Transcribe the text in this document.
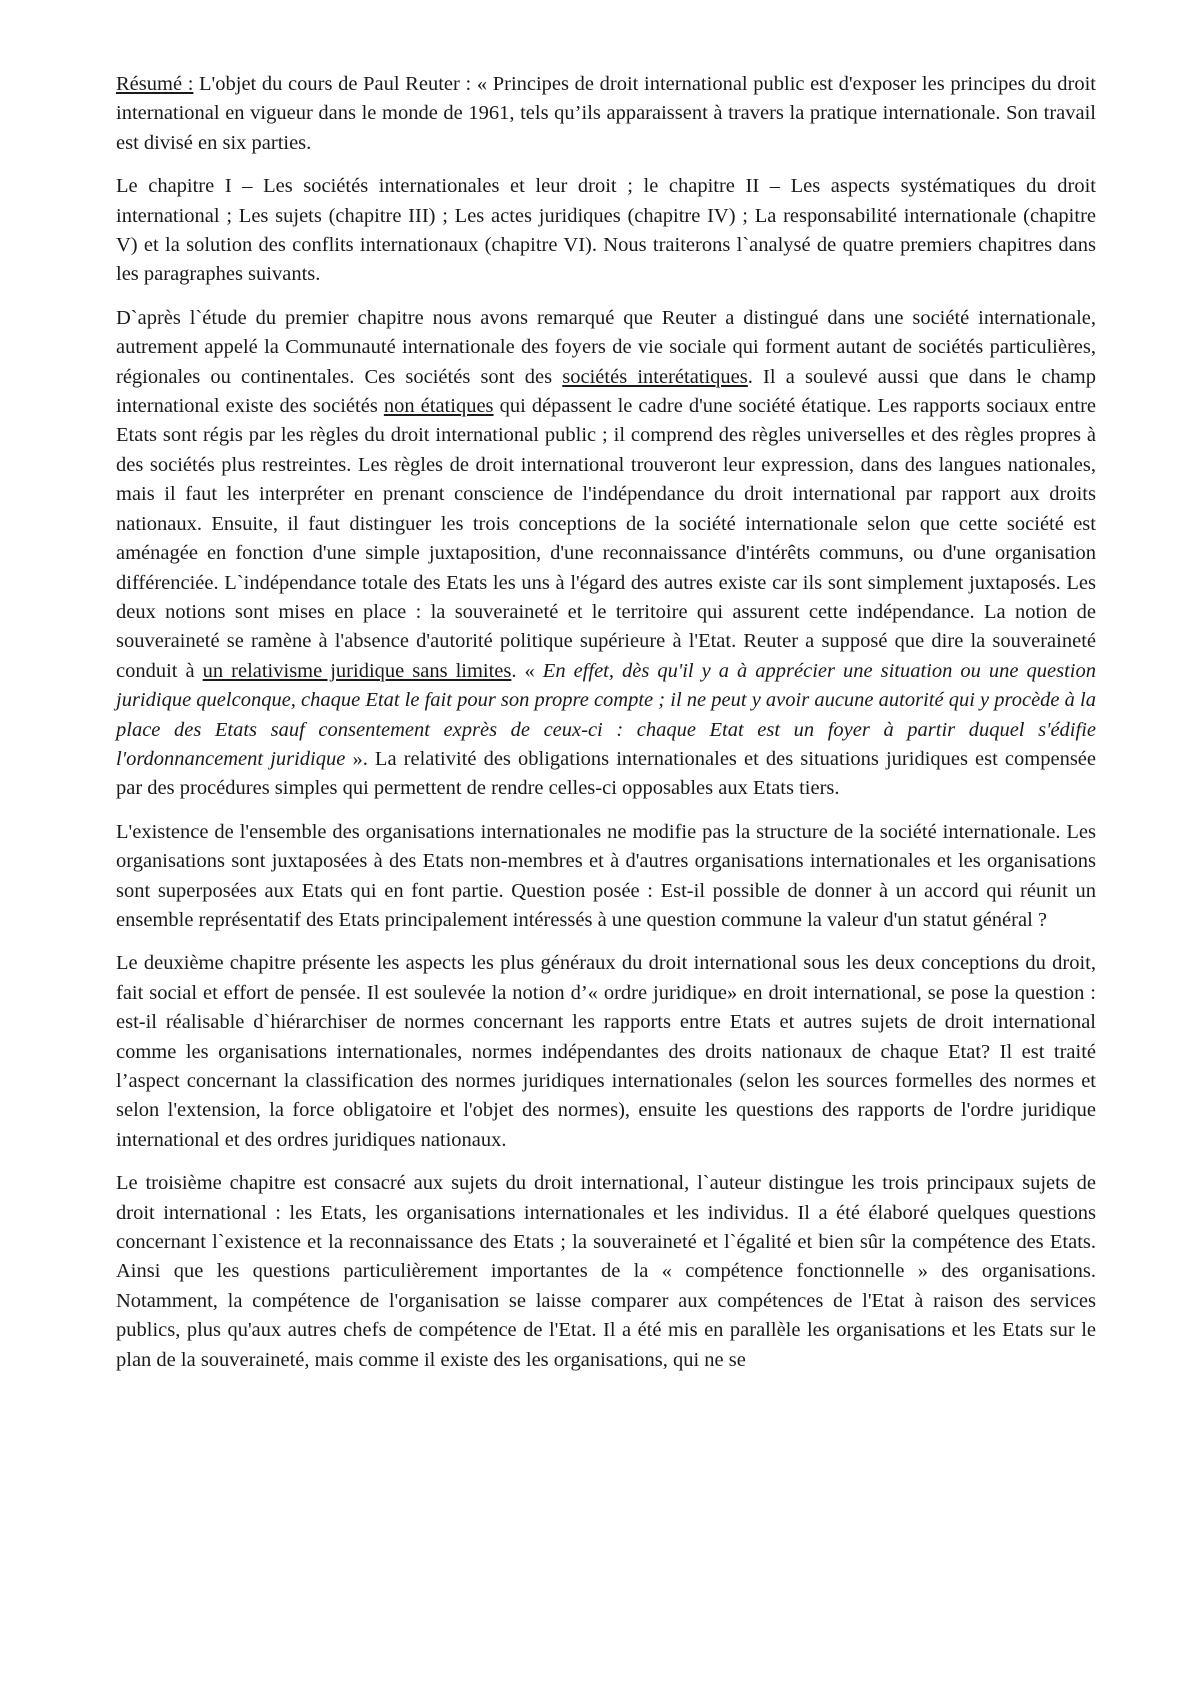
Résumé : L'objet du cours de Paul Reuter : « Principes de droit international public est d'exposer les principes du droit international en vigueur dans le monde de 1961, tels qu’ils apparaissent à travers la pratique internationale. Son travail est divisé en six parties.

Le chapitre I – Les sociétés internationales et leur droit ; le chapitre II – Les aspects systématiques du droit international ; Les sujets (chapitre III) ; Les actes juridiques (chapitre IV) ; La responsabilité internationale (chapitre V) et la solution des conflits internationaux (chapitre VI). Nous traiterons l`analysé de quatre premiers chapitres dans les paragraphes suivants.

D`après l`étude du premier chapitre nous avons remarqué que Reuter a distingué dans une société internationale, autrement appelé la Communauté internationale des foyers de vie sociale qui forment autant de sociétés particulières, régionales ou continentales. Ces sociétés sont des sociétés interétatiques. Il a soulevé aussi que dans le champ international existe des sociétés non étatiques qui dépassent le cadre d'une société étatique. Les rapports sociaux entre Etats sont régis par les règles du droit international public ; il comprend des règles universelles et des règles propres à des sociétés plus restreintes. Les règles de droit international trouveront leur expression, dans des langues nationales, mais il faut les interpréter en prenant conscience de l'indépendance du droit international par rapport aux droits nationaux. Ensuite, il faut distinguer les trois conceptions de la société internationale selon que cette société est aménagée en fonction d'une simple juxtaposition, d'une reconnaissance d'intérêts communs, ou d'une organisation différenciée. L`indépendance totale des Etats les uns à l'égard des autres existe car ils sont simplement juxtaposés. Les deux notions sont mises en place : la souveraineté et le territoire qui assurent cette indépendance. La notion de souveraineté se ramène à l'absence d'autorité politique supérieure à l'Etat. Reuter a supposé que dire la souveraineté conduit à un relativisme juridique sans limites. « En effet, dès qu'il y a à apprécier une situation ou une question juridique quelconque, chaque Etat le fait pour son propre compte ; il ne peut y avoir aucune autorité qui y procède à la place des Etats sauf consentement exprès de ceux-ci : chaque Etat est un foyer à partir duquel s'édifie l'ordonnancement juridique ». La relativité des obligations internationales et des situations juridiques est compensée par des procédures simples qui permettent de rendre celles-ci opposables aux Etats tiers.

L'existence de l'ensemble des organisations internationales ne modifie pas la structure de la société internationale. Les organisations sont juxtaposées à des Etats non-membres et à d'autres organisations internationales et les organisations sont superposées aux Etats qui en font partie. Question posée : Est-il possible de donner à un accord qui réunit un ensemble représentatif des Etats principalement intéressés à une question commune la valeur d'un statut général ?

Le deuxième chapitre présente les aspects les plus généraux du droit international sous les deux conceptions du droit, fait social et effort de pensée. Il est soulevée la notion d’« ordre juridique» en droit international, se pose la question : est-il réalisable d`hiérarchiser de normes concernant les rapports entre Etats et autres sujets de droit international comme les organisations internationales, normes indépendantes des droits nationaux de chaque Etat? Il est traité l’aspect concernant la classification des normes juridiques internationales (selon les sources formelles des normes et selon l'extension, la force obligatoire et l'objet des normes), ensuite les questions des rapports de l'ordre juridique international et des ordres juridiques nationaux.

Le troisième chapitre est consacré aux sujets du droit international, l`auteur distingue les trois principaux sujets de droit international : les Etats, les organisations internationales et les individus. Il a été élaboré quelques questions concernant l`existence et la reconnaissance des Etats ; la souveraineté et l`égalité et bien sûr la compétence des Etats. Ainsi que les questions particulièrement importantes de la « compétence fonctionnelle » des organisations. Notamment, la compétence de l'organisation se laisse comparer aux compétences de l'Etat à raison des services publics, plus qu'aux autres chefs de compétence de l'Etat. Il a été mis en parallèle les organisations et les Etats sur le plan de la souveraineté, mais comme il existe des les organisations, qui ne se
